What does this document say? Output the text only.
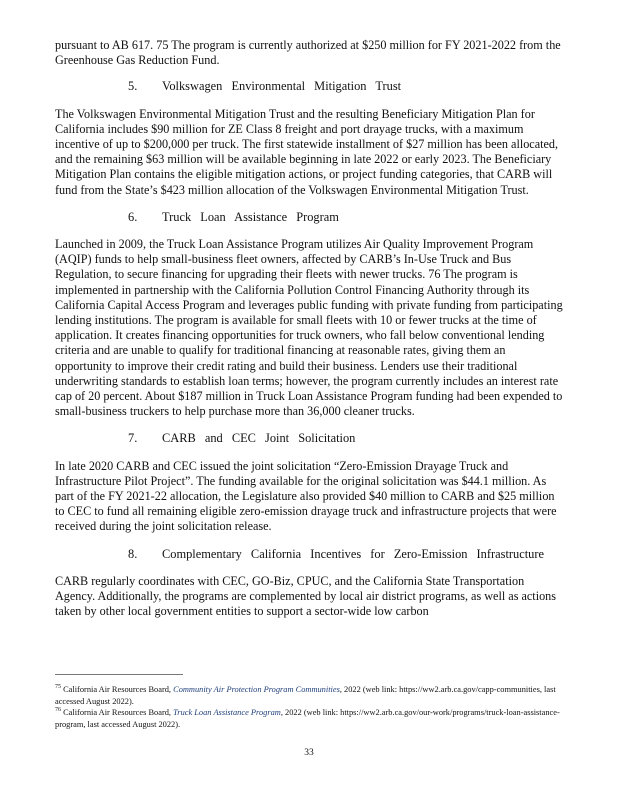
pursuant to AB 617. 75 The program is currently authorized at $250 million for FY 2021-2022 from the Greenhouse Gas Reduction Fund.

5.	Volkswagen Environmental Mitigation Trust

The Volkswagen Environmental Mitigation Trust and the resulting Beneficiary Mitigation Plan for California includes $90 million for ZE Class 8 freight and port drayage trucks, with a maximum incentive of up to $200,000 per truck. The first statewide installment of $27 million has been allocated, and the remaining $63 million will be available beginning in late 2022 or early 2023. The Beneficiary Mitigation Plan contains the eligible mitigation actions, or project funding categories, that CARB will fund from the State’s $423 million allocation of the Volkswagen Environmental Mitigation Trust.

6.	Truck Loan Assistance Program

Launched in 2009, the Truck Loan Assistance Program utilizes Air Quality Improvement Program (AQIP) funds to help small-business fleet owners, affected by CARB’s In-Use Truck and Bus Regulation, to secure financing for upgrading their fleets with newer trucks. 76 The program is implemented in partnership with the California Pollution Control Financing Authority through its California Capital Access Program and leverages public funding with private funding from participating lending institutions. The program is available for small fleets with 10 or fewer trucks at the time of application. It creates financing opportunities for truck owners, who fall below conventional lending criteria and are unable to qualify for traditional financing at reasonable rates, giving them an opportunity to improve their credit rating and build their business. Lenders use their traditional underwriting standards to establish loan terms; however, the program currently includes an interest rate cap of 20 percent. About $187 million in Truck Loan Assistance Program funding had been expended to small-business truckers to help purchase more than 36,000 cleaner trucks.

7.	CARB and CEC Joint Solicitation

In late 2020 CARB and CEC issued the joint solicitation “Zero-Emission Drayage Truck and Infrastructure Pilot Project”. The funding available for the original solicitation was $44.1 million. As part of the FY 2021-22 allocation, the Legislature also provided $40 million to CARB and $25 million to CEC to fund all remaining eligible zero-emission drayage truck and infrastructure projects that were received during the joint solicitation release.

8.	Complementary California Incentives for Zero-Emission Infrastructure

CARB regularly coordinates with CEC, GO-Biz, CPUC, and the California State Transportation Agency. Additionally, the programs are complemented by local air district programs, as well as actions taken by other local government entities to support a sector-wide low carbon

$^{75}$ California Air Resources Board, Community Air Protection Program Communities, 2022 (web link: https://ww2.arb.ca.gov/capp-communities, last accessed August 2022).

$^{76}$ California Air Resources Board, Truck Loan Assistance Program, 2022 (web link: https://ww2.arb.ca.gov/our-work/programs/truck-loan-assistance-program, last accessed August 2022).

33
